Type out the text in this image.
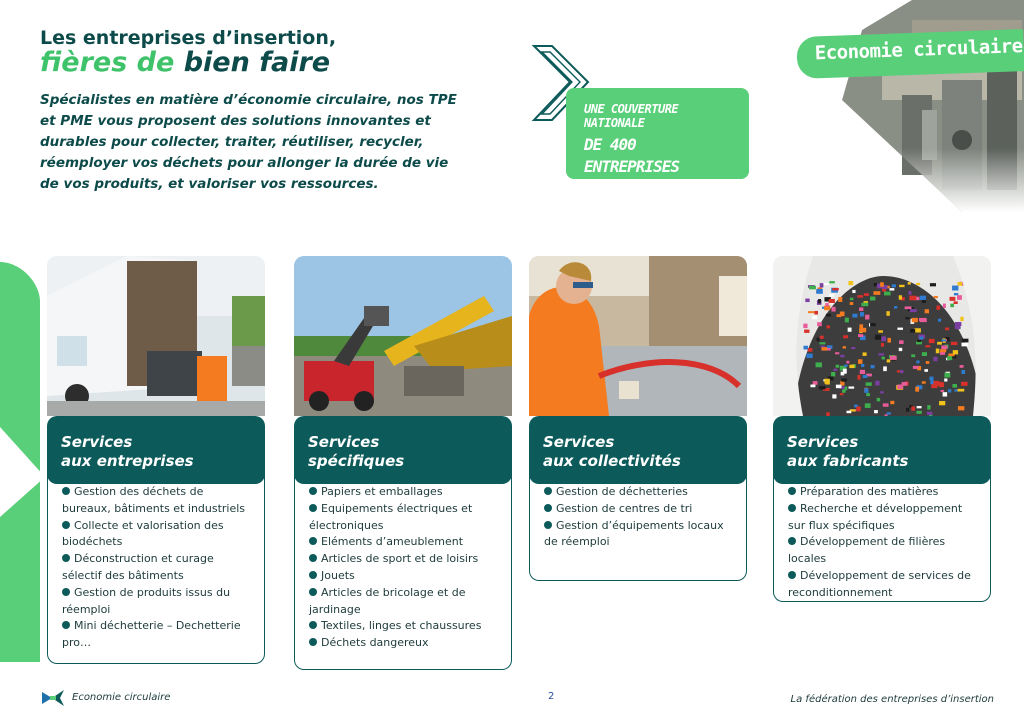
Les entreprises d’insertion,
fières de bien faire
Spécialistes en matière d’économie circulaire, nos TPE et PME vous proposent des solutions innovantes et durables pour collecter, traiter, réutiliser, recycler, réemployer vos déchets pour allonger la durée de vie de vos produits, et valoriser vos ressources.
UNE COUVERTURE NATIONALE
DE 400 ENTREPRISES
LOCALES
Economie circulaire
Services
aux entreprises
Gestion des déchets de bureaux, bâtiments et industriels
Collecte et valorisation des biodéchets
Déconstruction et curage sélectif des bâtiments
Gestion de produits issus du réemploi
Mini déchetterie – Dechetterie pro…
Services
spécifiques
Papiers et emballages
Equipements électriques et électroniques
Eléments d’ameublement
Articles de sport et de loisirs
Jouets
Articles de bricolage et de jardinage
Textiles, linges et chaussures
Déchets dangereux
Services
aux collectivités
Gestion de déchetteries
Gestion de centres de tri
Gestion d’équipements locaux de réemploi
Services
aux fabricants
Préparation des matières
Recherche et développement sur flux spécifiques
Développement de filières locales
Développement de services de reconditionnement
Economie circulaire	2	La fédération des entreprises d’insertion
